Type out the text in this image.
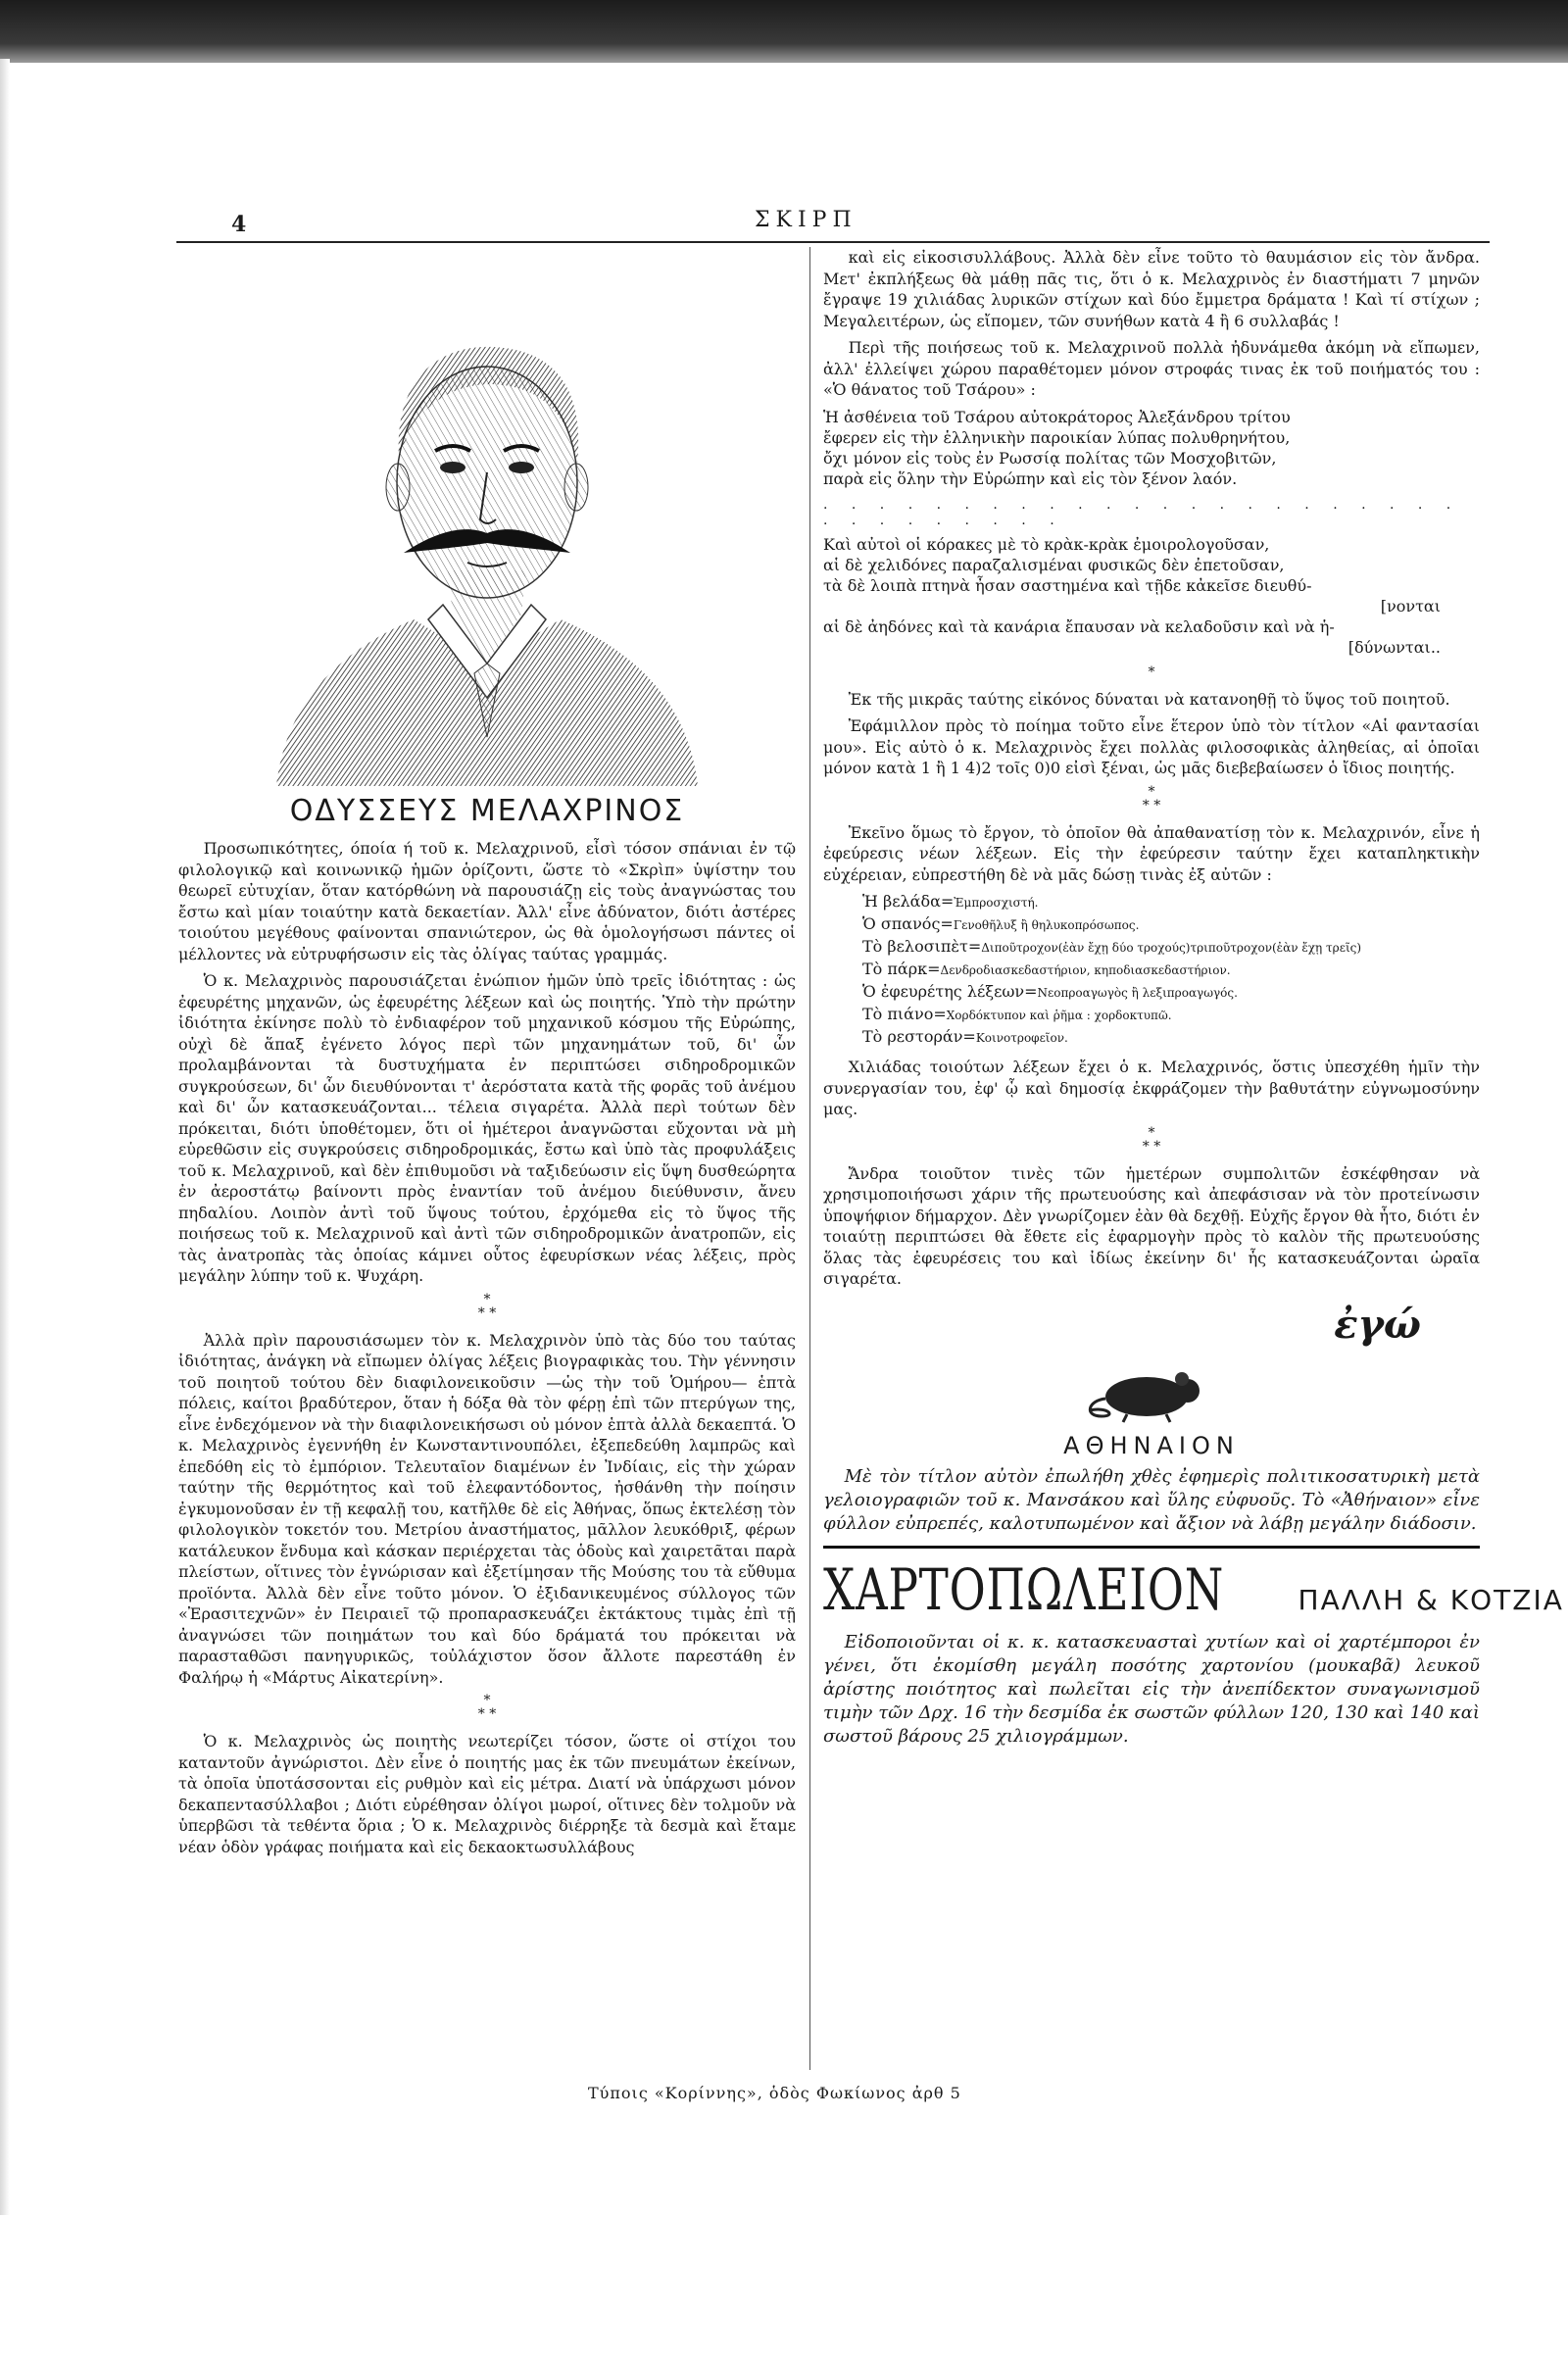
4	ΣΚΙΡΠ
ΟΔΥΣΣΕΥΣ ΜΕΛΑΧΡΙΝΟΣ

Προσωπικότητες, όποία ή τοῦ κ. Μελαχρινοῦ, εἶσὶ τόσον σπάνιαι ἐν τῷ φιλολογικῷ καὶ κοινωνικῷ ἡμῶν ὁρίζοντι, ὥστε τὸ «Σκρὶπ» ὑψίστην του θεωρεῖ εὐτυχίαν, ὅταν κατόρθώνη νὰ παρουσιάζῃ εἰς τοὺς ἀναγνώστας του ἔστω καὶ μίαν τοιαύτην κατὰ δεκαετίαν. Ἀλλ' εἶνε ἀδύνατον, διότι ἀστέρες τοιούτου μεγέθους φαίνονται σπανιώτερον, ὡς θὰ ὁμολογήσωσι πάντες οἱ μέλλοντες νὰ εὐτρυφήσωσιν εἰς τὰς ὀλίγας ταύτας γραμμάς.

Ὁ κ. Μελαχρινὸς παρουσιάζεται ἐνώπιον ἡμῶν ὑπὸ τρεῖς ἰδιότητας : ὡς ἐφευρέτης μηχανῶν, ὡς ἐφευρέτης λέξεων καὶ ὡς ποιητής. Ὑπὸ τὴν πρώτην ἰδιότητα ἐκίνησε πολὺ τὸ ἐνδιαφέρον τοῦ μηχανικοῦ κόσμου τῆς Εὐρώπης, οὐχὶ δὲ ἅπαξ ἐγένετο λόγος περὶ τῶν μηχανημάτων τοῦ, δι' ὧν προλαμβάνονται τὰ δυστυχήματα ἐν περιπτώσει σιδηροδρομικῶν συγκρούσεων, δι' ὧν διευθύνονται τ' ἀερόστατα κατὰ τῆς φορᾶς τοῦ ἀνέμου καὶ δι' ὧν κατασκευάζονται... τέλεια σιγαρέτα. Ἀλλὰ περὶ τούτων δὲν πρόκειται, διότι ὑποθέτομεν, ὅτι οἱ ἡμέτεροι ἀναγνῶσται εὔχονται νὰ μὴ εὑρεθῶσιν εἰς συγκρούσεις σιδηροδρομικάς, ἔστω καὶ ὑπὸ τὰς προφυλάξεις τοῦ κ. Μελαχρινοῦ, καὶ δὲν ἐπιθυμοῦσι νὰ ταξιδεύωσιν εἰς ὕψη δυσθεώρητα ἐν ἀεροστάτῳ βαίνοντι πρὸς ἐναντίαν τοῦ ἀνέμου διεύθυνσιν, ἄνευ πηδαλίου. Λοιπὸν ἀντὶ τοῦ ὕψους τούτου, ἐρχόμεθα εἰς τὸ ὕψος τῆς ποιήσεως τοῦ κ. Μελαχρινοῦ καὶ ἀντὶ τῶν σιδηροδρομικῶν ἀνατροπῶν, εἰς τὰς ἀνατροπὰς τὰς ὁποίας κάμνει οὗτος ἐφευρίσκων νέας λέξεις, πρὸς μεγάλην λύπην τοῦ κ. Ψυχάρη.

*
* *

Ἀλλὰ πρὶν παρουσιάσωμεν τὸν κ. Μελαχρινὸν ὑπὸ τὰς δύο του ταύτας ἰδιότητας, ἀνάγκη νὰ εἴπωμεν ὀλίγας λέξεις βιογραφικὰς του. Τὴν γέννησιν τοῦ ποιητοῦ τούτου δὲν διαφιλονεικοῦσιν —ὡς τὴν τοῦ Ὁμήρου— ἑπτὰ πόλεις, καίτοι βραδύτερον, ὅταν ἡ δόξα θὰ τὸν φέρῃ ἐπὶ τῶν πτερύγων της, εἶνε ἐνδεχόμενον νὰ τὴν διαφιλονεικήσωσι οὐ μόνον ἑπτὰ ἀλλὰ δεκαεπτά. Ὁ κ. Μελαχρινὸς ἐγεννήθη ἐν Κωνσταντινουπόλει, ἐξεπεδεύθη λαμπρῶς καὶ ἐπεδόθη εἰς τὸ ἐμπόριον. Τελευταῖον διαμένων ἐν Ἰνδίαις, εἰς τὴν χώραν ταύτην τῆς θερμότητος καὶ τοῦ ἐλεφαντόδοντος, ἠσθάνθη τὴν ποίησιν ἐγκυμονοῦσαν ἐν τῇ κεφαλῇ του, κατῆλθε δὲ εἰς Ἀθήνας, ὅπως ἐκτελέσῃ τὸν φιλολογικὸν τοκετόν του. Μετρίου ἀναστήματος, μᾶλλον λευκόθριξ, φέρων κατάλευκον ἔνδυμα καὶ κάσκαν περιέρχεται τὰς ὁδοὺς καὶ χαιρετᾶται παρὰ πλείστων, οἵτινες τὸν ἐγνώρισαν καὶ ἐξετίμησαν τῆς Μούσης του τὰ εὔθυμα προϊόντα. Ἀλλὰ δὲν εἶνε τοῦτο μόνον. Ὁ ἐξιδανικευμένος σύλλογος τῶν «Ἐρασιτεχνῶν» ἐν Πειραιεῖ τῷ προπαρασκευάζει ἐκτάκτους τιμὰς ἐπὶ τῇ ἀναγνώσει τῶν ποιημάτων του καὶ δύο δράματά του πρόκειται νὰ παρασταθῶσι πανηγυρικῶς, τοὐλάχιστον ὅσον ἄλλοτε παρεστάθη ἐν Φαλήρῳ ἡ «Μάρτυς Αἰκατερίνη».

*
* *

Ὁ κ. Μελαχρινὸς ὡς ποιητὴς νεωτερίζει τόσον, ὥστε οἱ στίχοι του καταντοῦν ἀγνώριστοι. Δὲν εἶνε ὁ ποιητής μας ἐκ τῶν πνευμάτων ἐκείνων, τὰ ὁποῖα ὑποτάσσονται εἰς ρυθμὸν καὶ εἰς μέτρα. Διατί νὰ ὑπάρχωσι μόνον δεκαπεντασύλλαβοι ; Διότι εὑρέθησαν ὀλίγοι μωροί, οἵτινες δὲν τολμοῦν νὰ ὑπερβῶσι τὰ τεθέντα ὅρια ; Ὁ κ. Μελαχρινὸς διέρρηξε τὰ δεσμὰ καὶ ἔταμε νέαν ὁδὸν γράφας ποιήματα καὶ εἰς δεκαοκτωσυλλάβους

καὶ εἰς εἰκοσισυλλάβους. Ἀλλὰ δὲν εἶνε τοῦτο τὸ θαυμάσιον εἰς τὸν ἄνδρα. Μετ' ἐκπλήξεως θὰ μάθῃ πᾶς τις, ὅτι ὁ κ. Μελαχρινὸς ἐν διαστήματι 7 μηνῶν ἔγραψε 19 χιλιάδας λυρικῶν στίχων καὶ δύο ἔμμετρα δράματα ! Καὶ τί στίχων ; Μεγαλειτέρων, ὡς εἴπομεν, τῶν συνήθων κατὰ 4 ἢ 6 συλλαβάς !

Περὶ τῆς ποιήσεως τοῦ κ. Μελαχρινοῦ πολλὰ ἠδυνάμεθα ἀκόμη νὰ εἴπωμεν, ἀλλ' ἐλλείψει χώρου παραθέτομεν μόνον στροφάς τινας ἐκ τοῦ ποιήματός του : «Ὁ θάνατος τοῦ Τσάρου» :

Ἡ ἀσθένεια τοῦ Τσάρου αὐτοκράτορος Ἀλεξάνδρου τρίτου
ἔφερεν εἰς τὴν ἑλληνικὴν παροικίαν λύπας πολυθρηνήτου,
ὄχι μόνον εἰς τοὺς ἐν Ρωσσίᾳ πολίτας τῶν Μοσχοβιτῶν,
παρὰ εἰς ὅλην τὴν Εὐρώπην καὶ εἰς τὸν ξένον λαόν.
. . . . . . . . . . . . . . . . . . . . . . . . . . . . . . . .
Καὶ αὐτοὶ οἱ κόρακες μὲ τὸ κρὰκ-κρὰκ ἐμοιρολογοῦσαν,
αἱ δὲ χελιδόνες παραζαλισμέναι φυσικῶς δὲν ἐπετοῦσαν,
τὰ δὲ λοιπὰ πτηνὰ ἦσαν σαστημένα καὶ τῇδε κἀκεῖσε διευθύ-
[νονται
αἱ δὲ ἀηδόνες καὶ τὰ κανάρια ἔπαυσαν νὰ κελαδοῦσιν καὶ νὰ ἡ-
[δύνωνται..
*

Ἐκ τῆς μικρᾶς ταύτης εἰκόνος δύναται νὰ κατανοηθῇ τὸ ὕψος τοῦ ποιητοῦ.

Ἐφάμιλλον πρὸς τὸ ποίημα τοῦτο εἶνε ἕτερον ὑπὸ τὸν τίτλον «Αἱ φαντασίαι μου». Εἰς αὐτὸ ὁ κ. Μελαχρινὸς ἔχει πολλὰς φιλοσοφικὰς ἀληθείας, αἱ ὁποῖαι μόνον κατὰ 1 ἢ 1 4)2 τοῖς 0)0 εἰσὶ ξέναι, ὡς μᾶς διεβεβαίωσεν ὁ ἴδιος ποιητής.

*
* *

Ἐκεῖνο ὅμως τὸ ἔργον, τὸ ὁποῖον θὰ ἀπαθανατίσῃ τὸν κ. Μελαχρινόν, εἶνε ἡ ἐφεύρεσις νέων λέξεων. Εἰς τὴν ἐφεύρεσιν ταύτην ἔχει καταπληκτικὴν εὐχέρειαν, εὑπρεστήθη δὲ νὰ μᾶς δώσῃ τινὰς ἐξ αὐτῶν :

Ἡ βελάδα=Ἐμπροσχιστή.
Ὁ σπανός=Γενοθῆλυξ ἢ θηλυκοπρόσωπος.
Τὸ βελοσιπὲτ=Διποῦτροχον(ἐὰν ἔχῃ δύο τροχούς)τριποῦτροχον(ἐὰν ἔχῃ τρεῖς)
Τὸ πάρκ=Δενδροδιασκεδαστήριον, κηποδιασκεδαστήριον.
Ὁ ἐφευρέτης λέξεων=Νεοπροαγωγὸς ἢ λεξιπροαγωγός.
Τὸ πιάνο=Χορδόκτυπον καὶ ῥῆμα : χορδοκτυπῶ.
Τὸ ρεστοράν=Κοινοτροφεῖον.

Χιλιάδας τοιούτων λέξεων ἔχει ὁ κ. Μελαχρινός, ὅστις ὑπεσχέθη ἡμῖν τὴν συνεργασίαν του, ἐφ' ᾧ καὶ δημοσίᾳ ἐκφράζομεν τὴν βαθυτάτην εὐγνωμοσύνην μας.

*
* *

Ἄνδρα τοιοῦτον τινὲς τῶν ἡμετέρων συμπολιτῶν ἐσκέφθησαν νὰ χρησιμοποιήσωσι χάριν τῆς πρωτευούσης καὶ ἀπεφάσισαν νὰ τὸν προτείνωσιν ὑποψήφιον δήμαρχον. Δὲν γνωρίζομεν ἐὰν θὰ δεχθῇ. Εὐχῆς ἔργον θὰ ἦτο, διότι ἐν τοιαύτῃ περιπτώσει θὰ ἔθετε εἰς ἐφαρμογὴν πρὸς τὸ καλὸν τῆς πρωτευούσης ὅλας τὰς ἐφευρέσεις του καὶ ἰδίως ἐκείνην δι' ἧς κατασκευάζονται ὡραῖα σιγαρέτα.

ἐγώ
ΑΘΗΝΑΙΟΝ
Μὲ τὸν τίτλον αὐτὸν ἐπωλήθη χθὲς ἐφημερὶς πολιτικοσατυρικὴ μετὰ γελοιογραφιῶν τοῦ κ. Μανσάκου καὶ ὕλης εὐφυοῦς. Τὸ «Ἀθήναιον» εἶνε φύλλον εὐπρεπές, καλοτυπωμένον καὶ ἄξιον νὰ λάβῃ μεγάλην διάδοσιν.
ΧΑΡΤΟΠΩΛΕΙΟΝ	ΠΑΛΛΗ & ΚΟΤΖΙΑ
Εἰδοποιοῦνται οἱ κ. κ. κατασκευασταὶ χυτίων καὶ οἱ χαρτέμποροι ἐν γένει, ὅτι ἐκομίσθη μεγάλη ποσότης χαρτονίου (μουκαβᾶ) λευκοῦ ἀρίστης ποιότητος καὶ πωλεῖται εἰς τὴν ἀνεπίδεκτον συναγωνισμοῦ τιμὴν τῶν Δρχ. 16 τὴν δεσμίδα ἐκ σωστῶν φύλλων 120, 130 καὶ 140 καὶ σωστοῦ βάρους 25 χιλιογράμμων.
Τύποις «Κορίννης», ὁδὸς Φωκίωνος ἀρθ 5
